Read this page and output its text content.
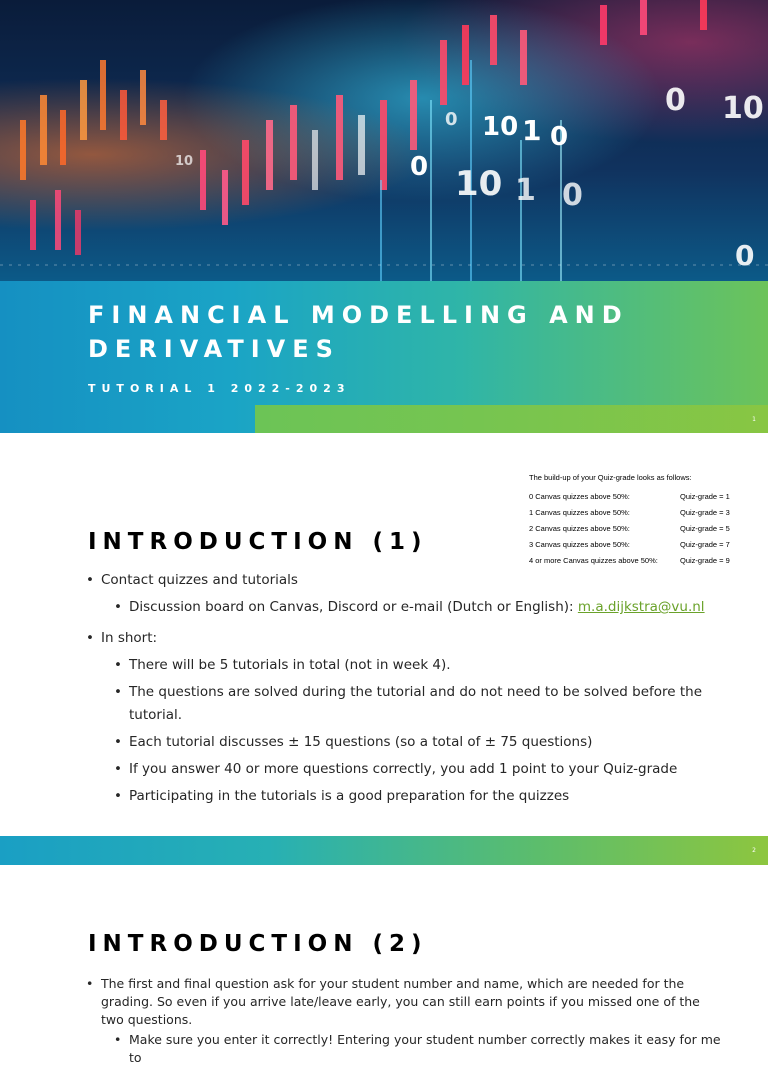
0 10
10 1 0
0 10 1 0
0
10
0
FINANCIAL MODELLING AND DERIVATIVES
TUTORIAL 1 2022-2023
1
The build-up of your Quiz-grade looks as follows:
0 Canvas quizzes above 50%:	Quiz-grade = 1
1 Canvas quizzes above 50%:	Quiz-grade = 3
2 Canvas quizzes above 50%:	Quiz-grade = 5
3 Canvas quizzes above 50%:	Quiz-grade = 7
4 or more Canvas quizzes above 50%:	Quiz-grade = 9
INTRODUCTION (1)
• Contact quizzes and tutorials
• Discussion board on Canvas, Discord or e-mail (Dutch or English): m.a.dijkstra@vu.nl
• In short:
• There will be 5 tutorials in total (not in week 4).
• The questions are solved during the tutorial and do not need to be solved before the tutorial.
• Each tutorial discusses ± 15 questions (so a total of ± 75 questions)
• If you answer 40 or more questions correctly, you add 1 point to your Quiz-grade
• Participating in the tutorials is a good preparation for the quizzes
2
INTRODUCTION (2)
• The first and final question ask for your student number and name, which are needed for the grading. So even if you arrive late/leave early, you can still earn points if you missed one of the two questions.
• Make sure you enter it correctly! Entering your student number correctly makes it easy for me to
